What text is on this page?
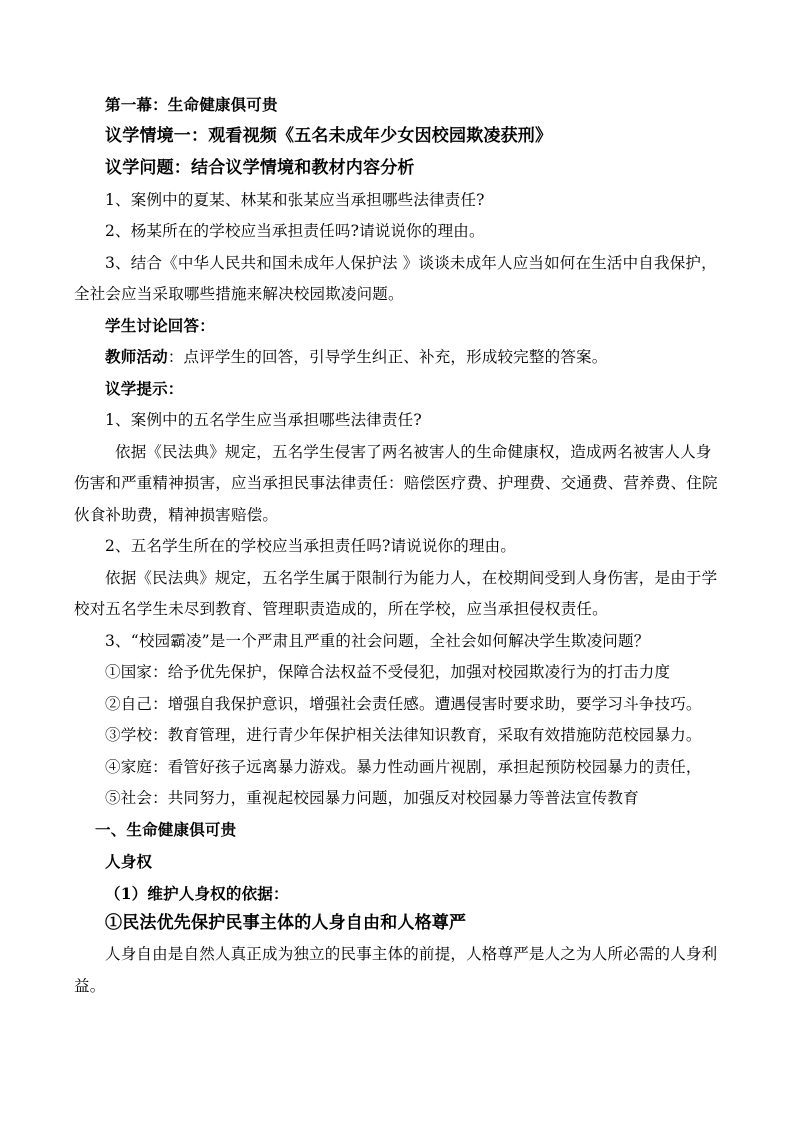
第一幕：生命健康俱可贵
议学情境一：观看视频《五名未成年少女因校园欺凌获刑》
议学问题：结合议学情境和教材内容分析
1、案例中的夏某、林某和张某应当承担哪些法律责任?
2、杨某所在的学校应当承担责任吗?请说说你的理由。
3、结合《中华人民共和国未成年人保护法 》谈谈未成年人应当如何在生活中自我保护，
全社会应当采取哪些措施来解决校园欺凌问题。
学生讨论回答：
教师活动：点评学生的回答，引导学生纠正、补充，形成较完整的答案。
议学提示：
1、案例中的五名学生应当承担哪些法律责任?
依据《民法典》规定，五名学生侵害了两名被害人的生命健康权，造成两名被害人人身
伤害和严重精神损害，应当承担民事法律责任：赔偿医疗费、护理费、交通费、营养费、住院
伙食补助费，精神损害赔偿。
2、五名学生所在的学校应当承担责任吗?请说说你的理由。
依据《民法典》规定，五名学生属于限制行为能力人，在校期间受到人身伤害，是由于学
校对五名学生未尽到教育、管理职责造成的，所在学校，应当承担侵权责任。
3、“校园霸凌”是一个严肃且严重的社会问题，全社会如何解决学生欺凌问题？
①国家：给予优先保护，保障合法权益不受侵犯，加强对校园欺凌行为的打击力度
②自己：增强自我保护意识，增强社会责任感。遭遇侵害时要求助，要学习斗争技巧。
③学校：教育管理，进行青少年保护相关法律知识教育，采取有效措施防范校园暴力。
④家庭：看管好孩子远离暴力游戏。暴力性动画片视剧，承担起预防校园暴力的责任，
⑤社会：共同努力，重视起校园暴力问题，加强反对校园暴力等普法宣传教育
一、生命健康俱可贵
人身权
（1）维护人身权的依据：
①民法优先保护民事主体的人身自由和人格尊严
人身自由是自然人真正成为独立的民事主体的前提，人格尊严是人之为人所必需的人身利
益。
